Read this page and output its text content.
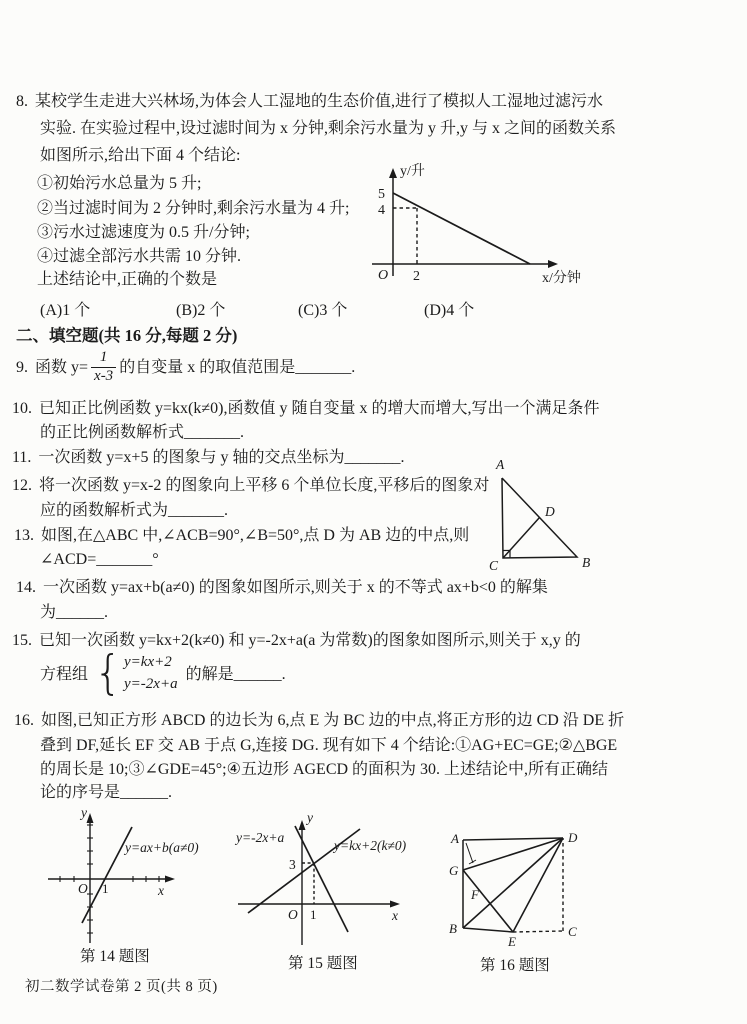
8. 某校学生走进大兴林场,为体会人工湿地的生态价值,进行了模拟人工湿地过滤污水
实验. 在实验过程中,设过滤时间为 x 分钟,剩余污水量为 y 升,y 与 x 之间的函数关系
如图所示,给出下面 4 个结论:
①初始污水总量为 5 升;
②当过滤时间为 2 分钟时,剩余污水量为 4 升;
③污水过滤速度为 0.5 升/分钟;
④过滤全部污水共需 10 分钟.
上述结论中,正确的个数是
(A)1 个	(B)2 个	(C)3 个	(D)4 个
y/升
5
4
O 2	x/分钟
二、填空题(共 16 分,每题 2 分)
9. 函数 $y= \frac{1}{x-3}$ 的自变量 x 的取值范围是_______.
10. 已知正比例函数 y=kx(k≠0),函数值 y 随自变量 x 的增大而增大,写出一个满足条件
的正比例函数解析式_______.
11. 一次函数 y=x+5 的图象与 y 轴的交点坐标为_______.
12. 将一次函数 y=x-2 的图象向上平移 6 个单位长度,平移后的图象对
应的函数解析式为_______.
13. 如图,在△ABC 中,∠ACB=90°,∠B=50°,点 D 为 AB 边的中点,则
∠ACD=_______°
A
D
C	B
14. 一次函数 y=ax+b(a≠0) 的图象如图所示,则关于 x 的不等式 ax+b<0 的解集
为______.
15. 已知一次函数 y=kx+2(k≠0) 和 y=-2x+a(a 为常数)的图象如图所示,则关于 x,y 的
方程组 { y=kx+2
y=-2x+a
的解是______.
16. 如图,已知正方形 ABCD 的边长为 6,点 E 为 BC 边的中点,将正方形的边 CD 沿 DE 折
叠到 DF,延长 EF 交 AB 于点 G,连接 DG. 现有如下 4 个结论:①AG+EC=GE;②△BGE
的周长是 10;③∠GDE=45°;④五边形 AGECD 的面积为 30. 上述结论中,所有正确结
论的序号是______.
y=ax+b(a≠0)
O 1	x
y
第 14 题图
y=-2x+a
y=kx+2(k≠0)
3
O 1	x
y
第 15 题图
A	D
G
F
B
E
C
第 16 题图
初二数学试卷第 2 页(共 8 页)
